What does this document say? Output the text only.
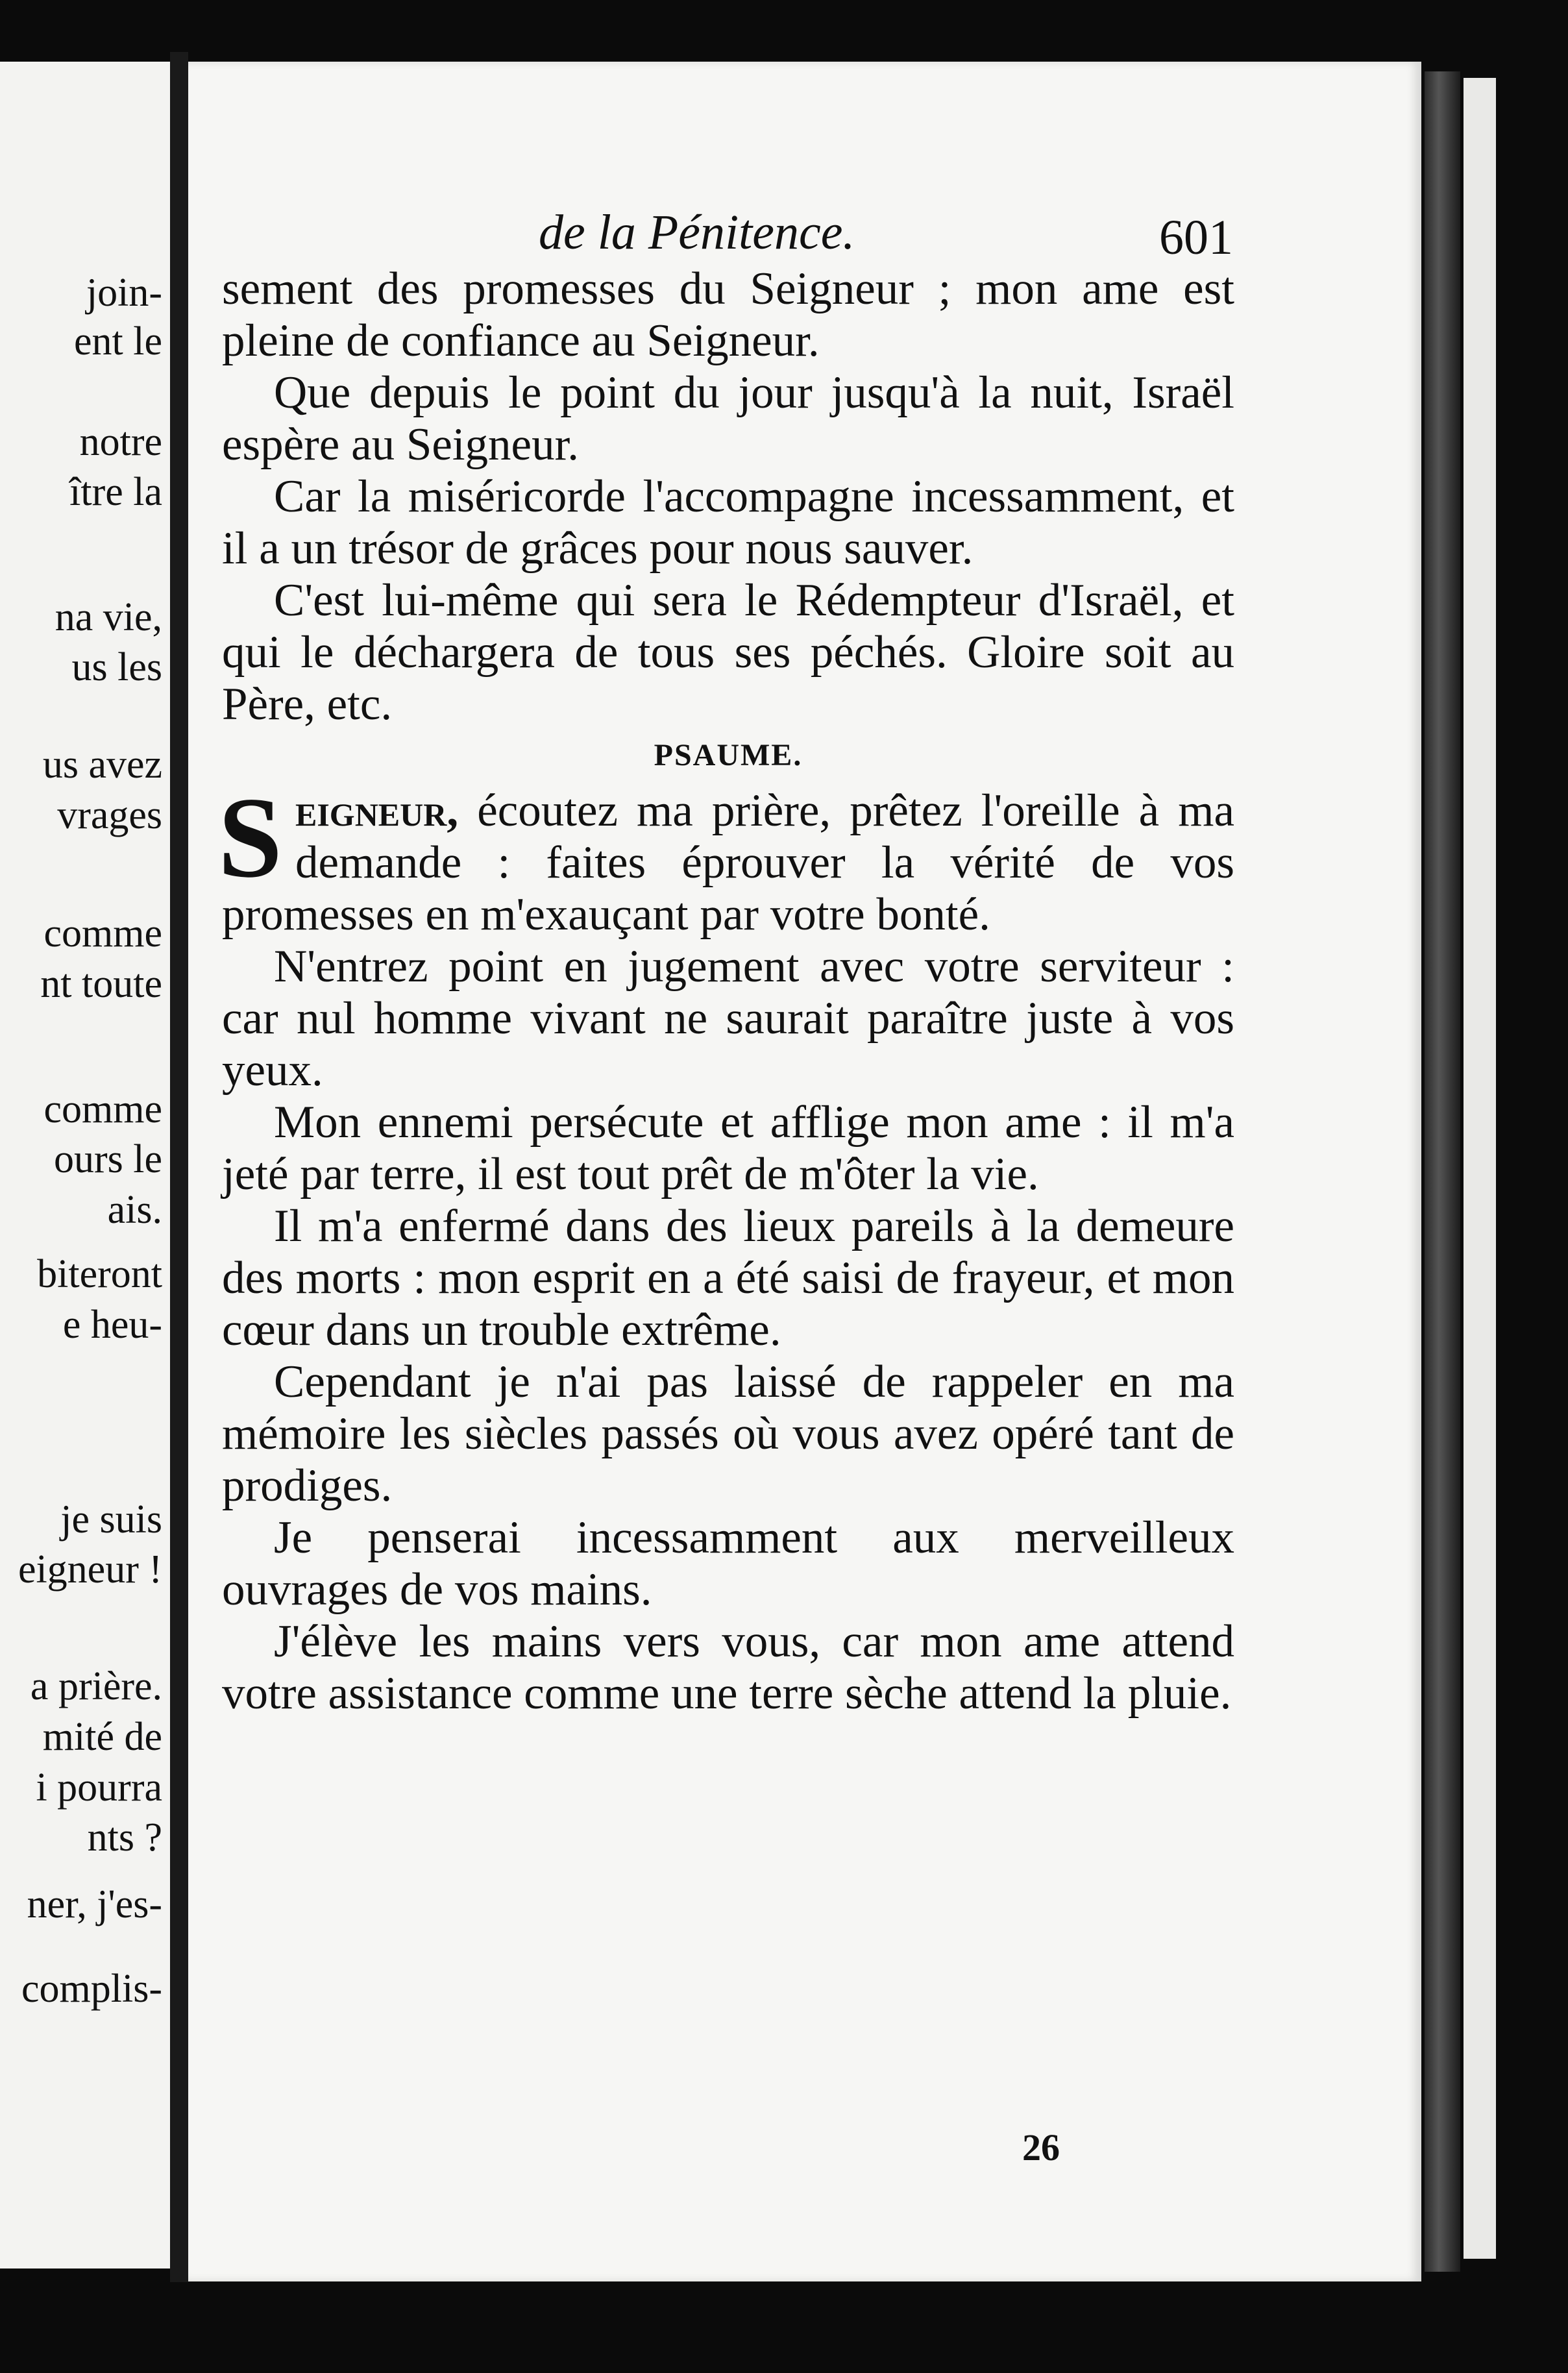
join-

ent le

notre

ître la

na vie,

us les

us avez

vrages

comme

nt toute

comme

ours le

ais.

biteront

e heu-

je suis

eigneur !

a prière.

mité de

i pourra

nts ?

ner, j'es-

complis-

de la Pénitence.	601

sement des promesses du Seigneur ; mon ame est pleine de confiance au Seigneur.

Que depuis le point du jour jusqu'à la nuit, Israël espère au Seigneur.

Car la miséricorde l'accompagne incessamment, et il a un trésor de grâces pour nous sauver.

C'est lui-même qui sera le Rédempteur d'Israël, et qui le déchargera de tous ses péchés. Gloire soit au Père, etc.

PSAUME.

Seigneur, écoutez ma prière, prêtez l'oreille à ma demande : faites éprouver la vérité de vos promesses en m'exauçant par votre bonté.

N'entrez point en jugement avec votre serviteur : car nul homme vivant ne saurait paraître juste à vos yeux.

Mon ennemi persécute et afflige mon ame : il m'a jeté par terre, il est tout prêt de m'ôter la vie.

Il m'a enfermé dans des lieux pareils à la demeure des morts : mon esprit en a été saisi de frayeur, et mon cœur dans un trouble extrême.

Cependant je n'ai pas laissé de rappeler en ma mémoire les siècles passés où vous avez opéré tant de prodiges.

Je penserai incessamment aux merveilleux ouvrages de vos mains.

J'élève les mains vers vous, car mon ame attend votre assistance comme une terre sèche attend la pluie.

26
